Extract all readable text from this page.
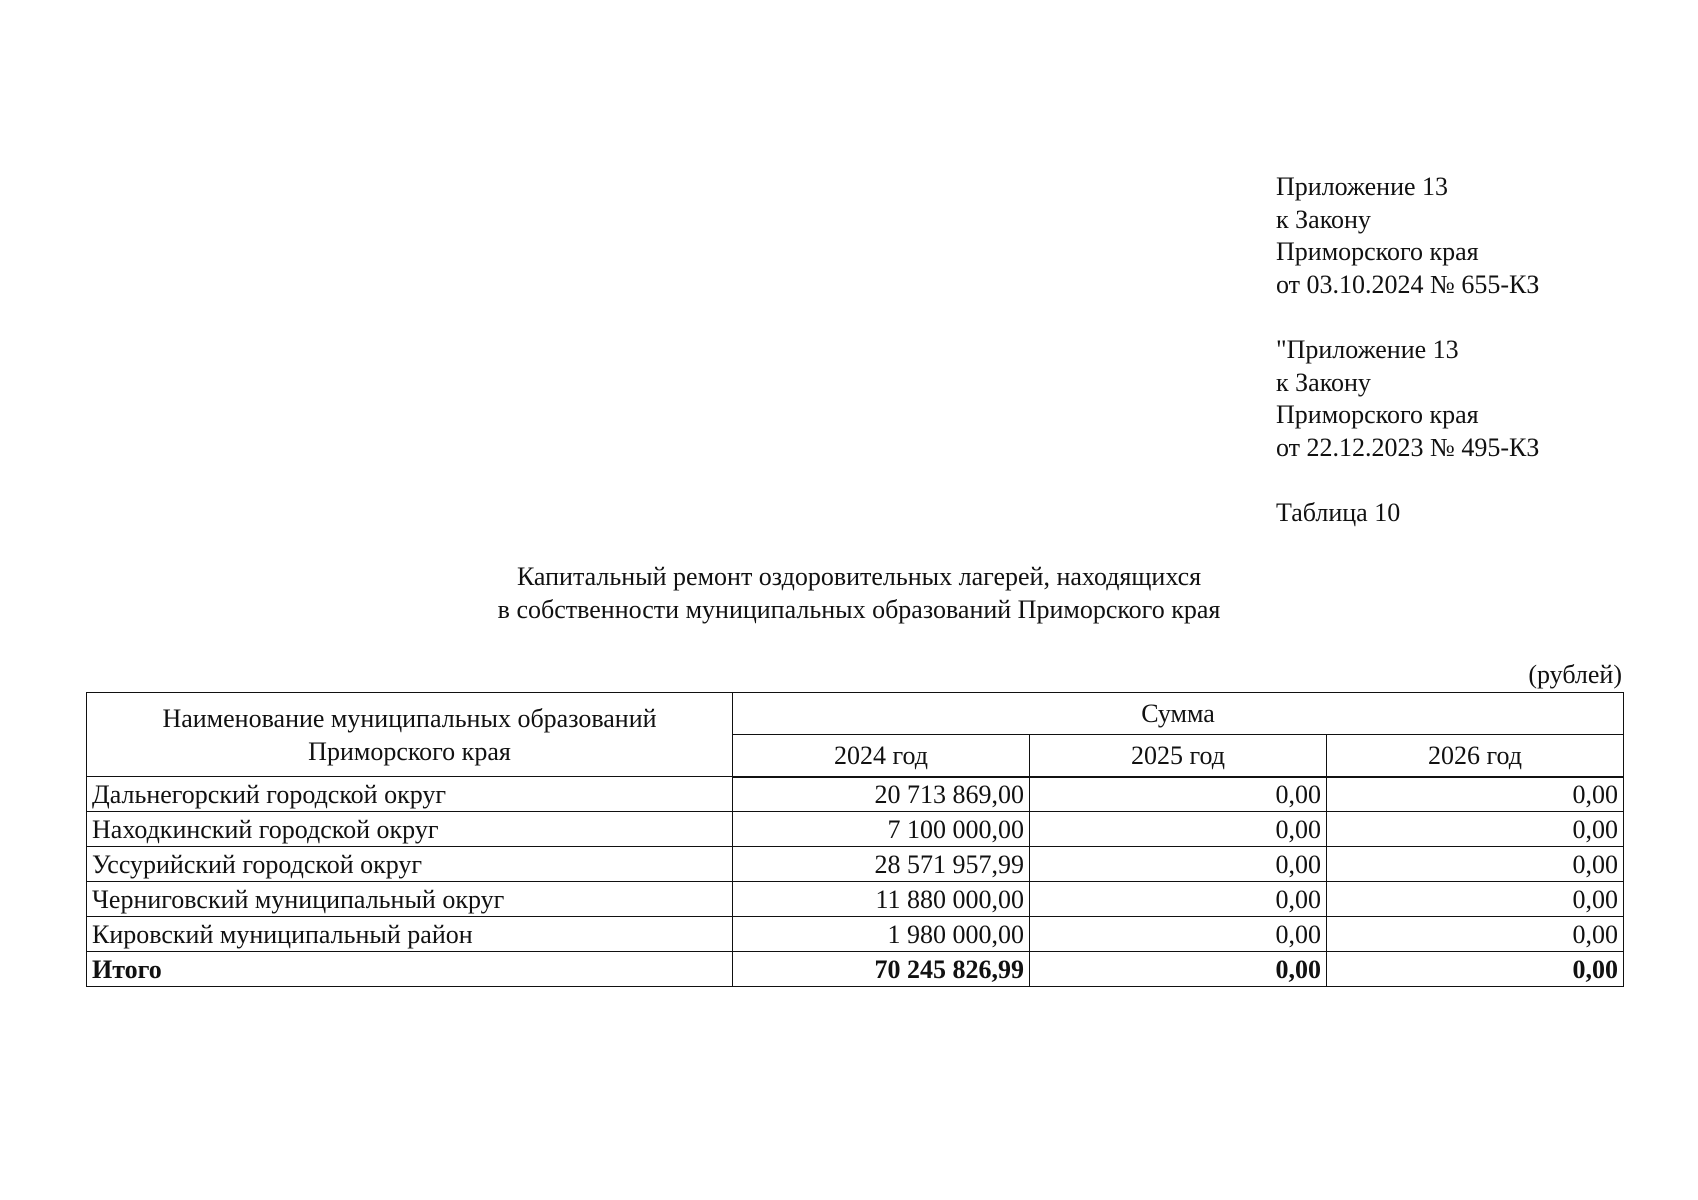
Приложение 13
к Закону
Приморского края
от 03.10.2024 № 655-КЗ
"Приложение 13
к Закону
Приморского края
от 22.12.2023 № 495-КЗ
Таблица 10
Капитальный ремонт оздоровительных лагерей, находящихся
в собственности муниципальных образований Приморского края
(рублей)
Наименование муниципальных образований
Приморского края	Сумма		
	2024 год	2025 год	2026 год
Дальнегорский городской округ	20 713 869,00	0,00	0,00
Находкинский городской округ	7 100 000,00	0,00	0,00
Уссурийский городской округ	28 571 957,99	0,00	0,00
Черниговский муниципальный округ	11 880 000,00	0,00	0,00
Кировский муниципальный район	1 980 000,00	0,00	0,00
Итого	70 245 826,99	0,00	0,00
